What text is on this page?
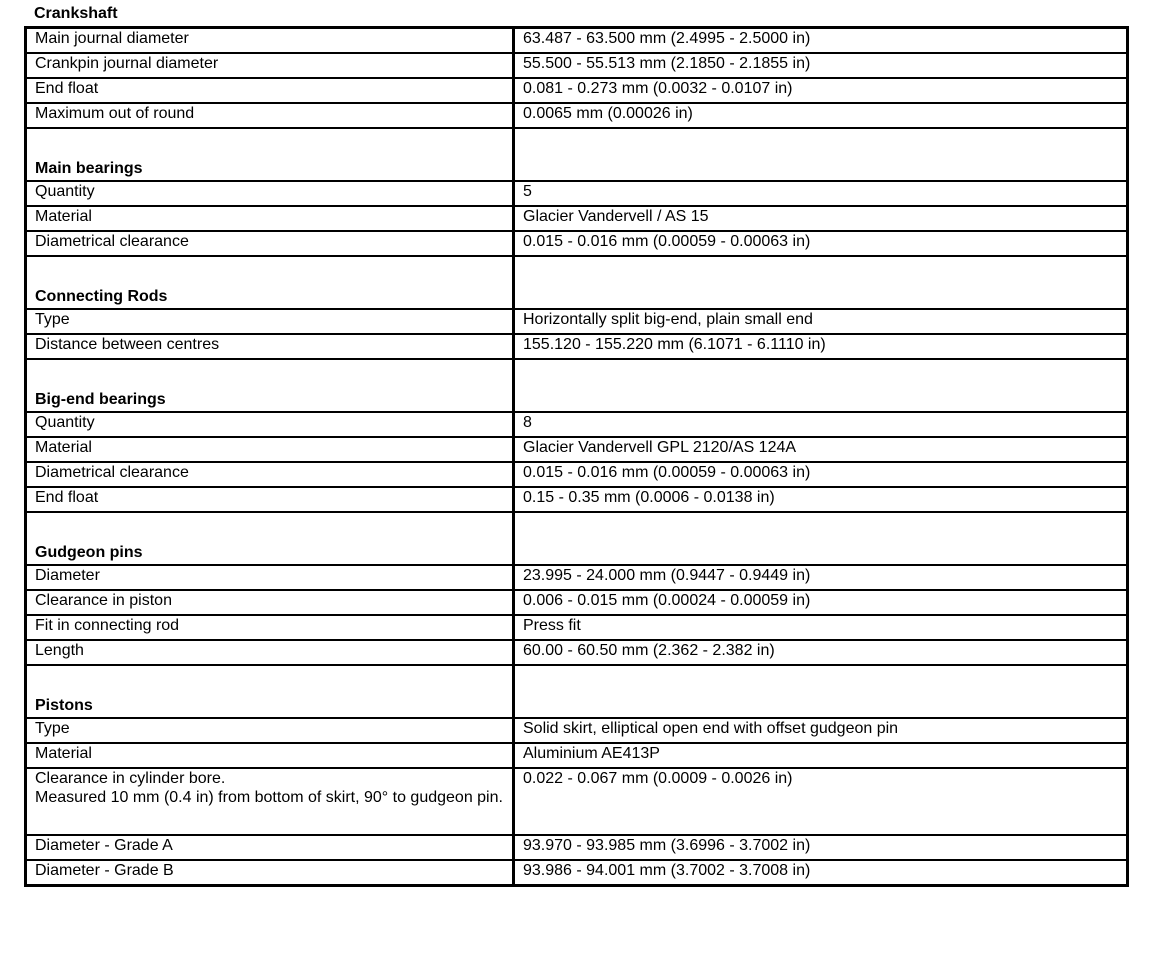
Crankshaft
Main journal diameter	63.487 - 63.500 mm (2.4995 - 2.5000 in)
Crankpin journal diameter	55.500 - 55.513 mm (2.1850 - 2.1855 in)
End float	0.081 - 0.273 mm (0.0032 - 0.0107 in)
Maximum out of round	0.0065 mm (0.00026 in)
Main bearings	
Quantity	5
Material	Glacier Vandervell / AS 15
Diametrical clearance	0.015 - 0.016 mm (0.00059 - 0.00063 in)
Connecting Rods	
Type	Horizontally split big-end, plain small end
Distance between centres	155.120 - 155.220 mm (6.1071 - 6.1110 in)
Big-end bearings	
Quantity	8
Material	Glacier Vandervell GPL 2120/AS 124A
Diametrical clearance	0.015 - 0.016 mm (0.00059 - 0.00063 in)
End float	0.15 - 0.35 mm (0.0006 - 0.0138 in)
Gudgeon pins	
Diameter	23.995 - 24.000 mm (0.9447 - 0.9449 in)
Clearance in piston	0.006 - 0.015 mm (0.00024 - 0.00059 in)
Fit in connecting rod	Press fit
Length	60.00 - 60.50 mm (2.362 - 2.382 in)
Pistons	
Type	Solid skirt, elliptical open end with offset gudgeon pin
Material	Aluminium AE413P
Clearance in cylinder bore.
Measured 10 mm (0.4 in) from bottom of skirt, 90° to gudgeon pin.	0.022 - 0.067 mm (0.0009 - 0.0026 in)
Diameter - Grade A	93.970 - 93.985 mm (3.6996 - 3.7002 in)
Diameter - Grade B	93.986 - 94.001 mm (3.7002 - 3.7008 in)
